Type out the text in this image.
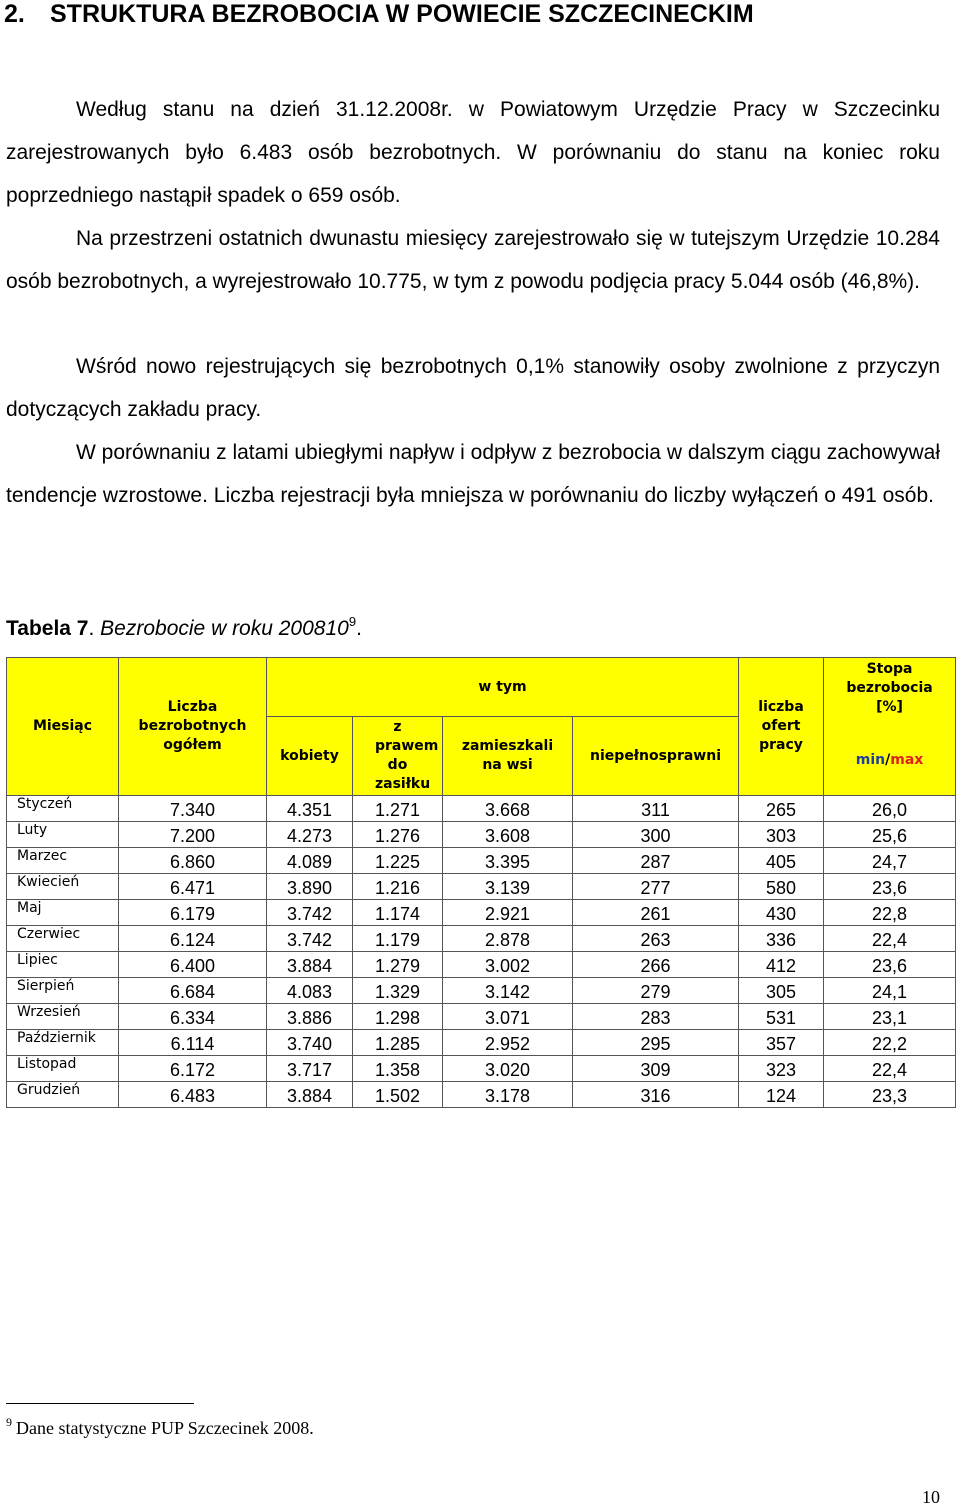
2. STRUKTURA BEZROBOCIA W POWIECIE SZCZECINECKIM
Według stanu na dzień 31.12.2008r. w Powiatowym Urzędzie Pracy w Szczecinku zarejestrowanych było 6.483 osób bezrobotnych. W porównaniu do stanu na koniec roku poprzedniego nastąpił spadek o 659 osób.
Na przestrzeni ostatnich dwunastu miesięcy zarejestrowało się w tutejszym Urzędzie 10.284 osób bezrobotnych, a wyrejestrowało 10.775, w tym z powodu podjęcia pracy 5.044 osób (46,8%).
Wśród nowo rejestrujących się bezrobotnych 0,1% stanowiły osoby zwolnione z przyczyn dotyczących zakładu pracy.
W porównaniu z latami ubiegłymi napływ i odpływ z bezrobocia w dalszym ciągu zachowywał tendencje wzrostowe. Liczba rejestracji była mniejsza w porównaniu do liczby wyłączeń o 491 osób.
Tabela 7. Bezrobocie w roku 200810$^9$.
Miesiąc	Liczba bezrobotnych ogółem	w tym				liczba ofert pracy	Stopa bezrobocia [%]
min/max

		kobiety	z prawem do zasiłku	zamieszkali na wsi	niepełnosprawni		
Styczeń	7.340	4.351	1.271	3.668	311	265	26,0
Luty	7.200	4.273	1.276	3.608	300	303	25,6
Marzec	6.860	4.089	1.225	3.395	287	405	24,7
Kwiecień	6.471	3.890	1.216	3.139	277	580	23,6
Maj	6.179	3.742	1.174	2.921	261	430	22,8
Czerwiec	6.124	3.742	1.179	2.878	263	336	22,4
Lipiec	6.400	3.884	1.279	3.002	266	412	23,6
Sierpień	6.684	4.083	1.329	3.142	279	305	24,1
Wrzesień	6.334	3.886	1.298	3.071	283	531	23,1
Październik	6.114	3.740	1.285	2.952	295	357	22,2
Listopad	6.172	3.717	1.358	3.020	309	323	22,4
Grudzień	6.483	3.884	1.502	3.178	316	124	23,3
$^9$ Dane statystyczne PUP Szczecinek 2008.
10
